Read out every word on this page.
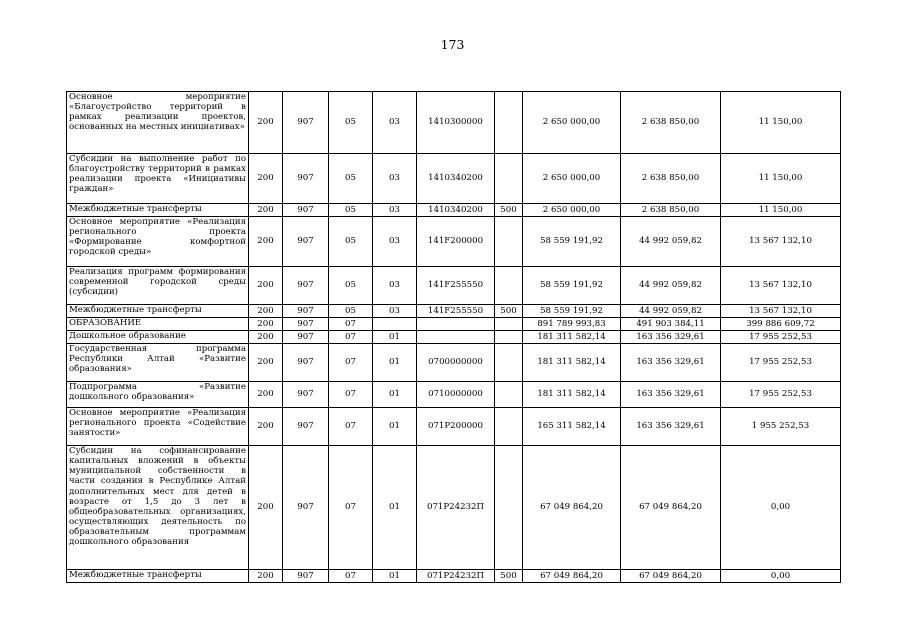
173
Основное мероприятие «Благоустройство территорий в рамках реализации проектов, основанных на местных инициативах»	200	907	05	03	1410300000		2 650 000,00	2 638 850,00	11 150,00
Субсидии на выполнение работ по благоустройству территорий в рамках реализации проекта «Инициативы граждан»	200	907	05	03	1410340200		2 650 000,00	2 638 850,00	11 150,00
Межбюджетные трансферты	200	907	05	03	1410340200	500	2 650 000,00	2 638 850,00	11 150,00
Основное мероприятие «Реализация регионального проекта «Формирование комфортной городской среды»	200	907	05	03	141F200000		58 559 191,92	44 992 059,82	13 567 132,10
Реализация программ формирования современной городской среды (субсидии)	200	907	05	03	141F255550		58 559 191,92	44 992 059,82	13 567 132,10
Межбюджетные трансферты	200	907	05	03	141F255550	500	58 559 191,92	44 992 059,82	13 567 132,10
ОБРАЗОВАНИЕ	200	907	07				891 789 993,83	491 903 384,11	399 886 609,72
Дошкольное образование	200	907	07	01			181 311 582,14	163 356 329,61	17 955 252,53
Государственная программа Республики Алтай «Развитие образования»	200	907	07	01	0700000000		181 311 582,14	163 356 329,61	17 955 252,53
Подпрограмма «Развитие дошкольного образования»	200	907	07	01	0710000000		181 311 582,14	163 356 329,61	17 955 252,53
Основное мероприятие «Реализация регионального проекта «Содействие занятости»	200	907	07	01	071P200000		165 311 582,14	163 356 329,61	1 955 252,53
Субсидии на софинансирование капитальных вложений в объекты муниципальной собственности в части создания в Республике Алтай дополнительных мест для детей в возрасте от 1,5 до 3 лет в общеобразовательных организациях, осуществляющих деятельность по образовательным программам дошкольного образования	200	907	07	01	071P24232П		67 049 864,20	67 049 864,20	0,00
Межбюджетные трансферты	200	907	07	01	071P24232П	500	67 049 864,20	67 049 864,20	0,00
